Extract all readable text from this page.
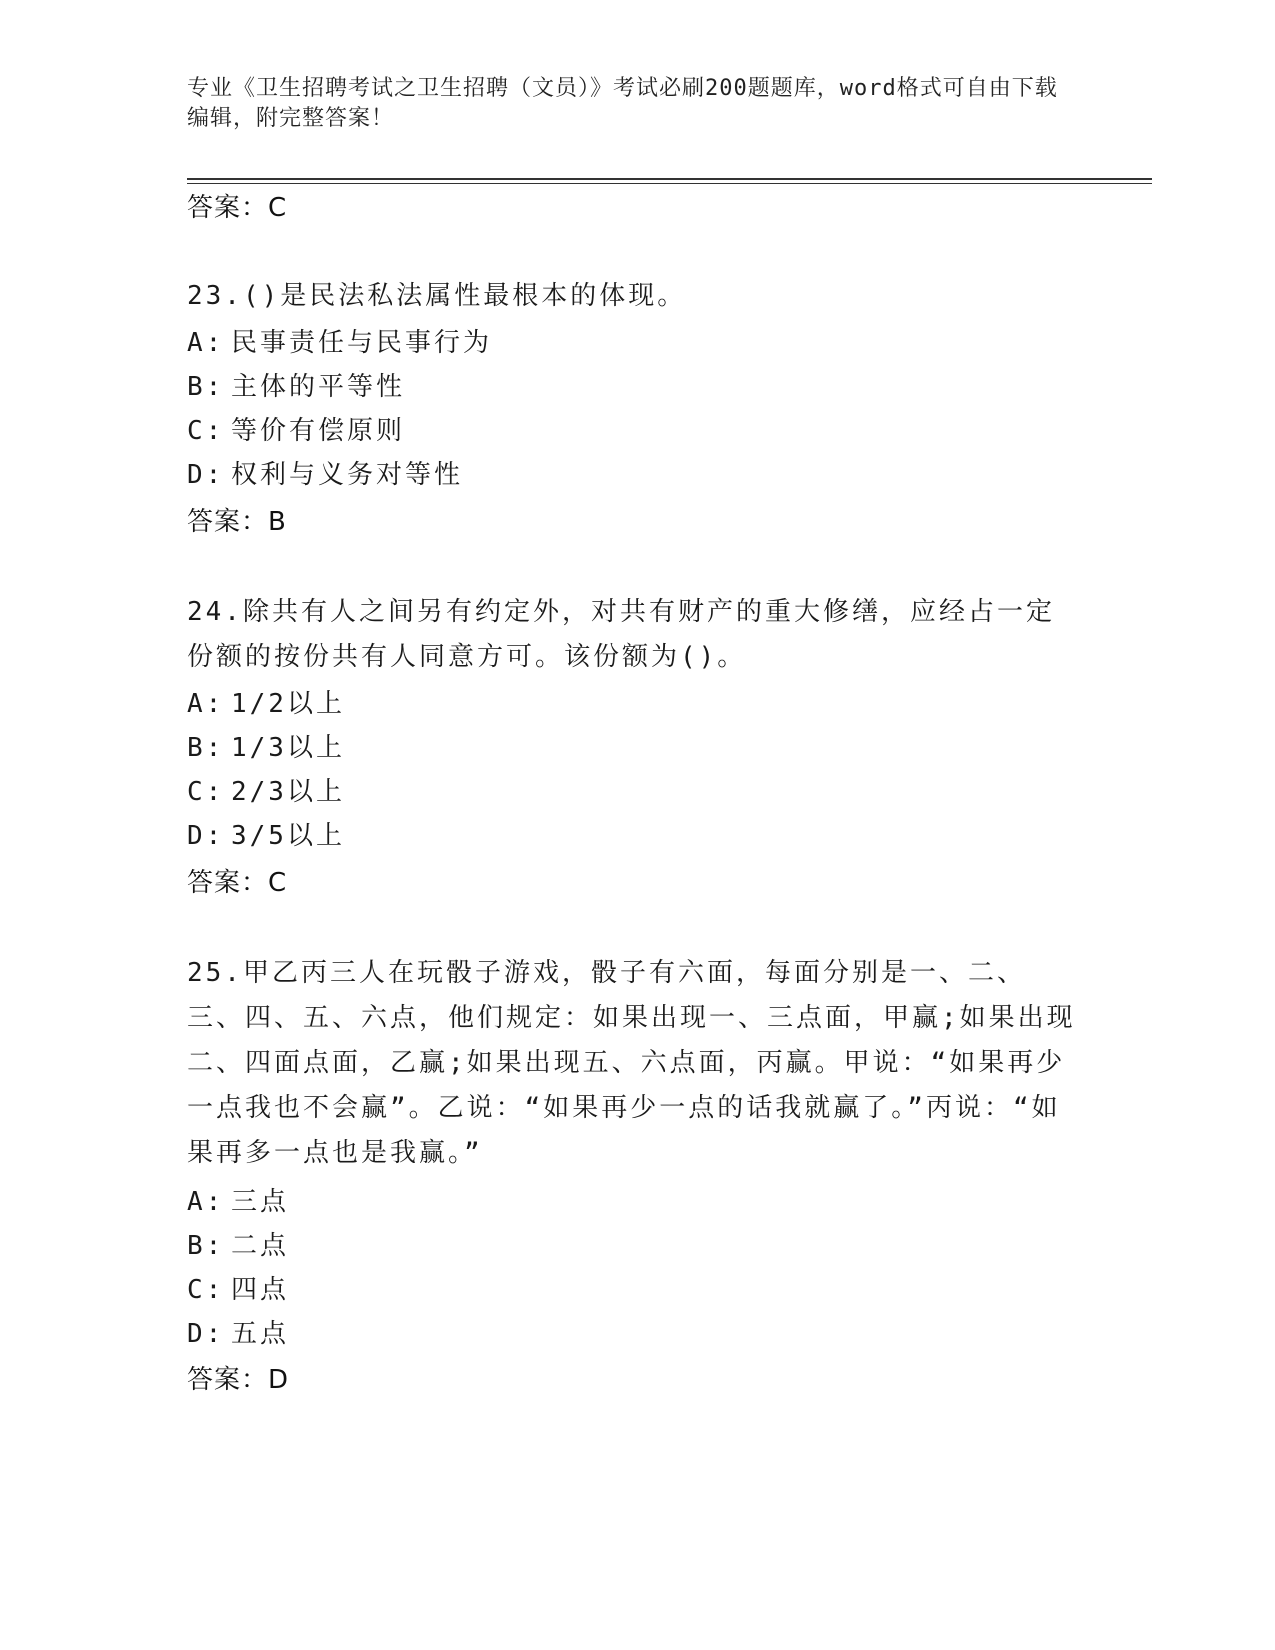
专业《卫生招聘考试之卫生招聘（文员）》考试必刷200题题库，word格式可自由下载编辑，附完整答案！
答案：C
23.()是民法私法属性最根本的体现。
A: 民事责任与民事行为
B: 主体的平等性
C: 等价有偿原则
D: 权利与义务对等性
答案：B
24.除共有人之间另有约定外，对共有财产的重大修缮，应经占一定份额的按份共有人同意方可。该份额为()。
A: 1/2以上
B: 1/3以上
C: 2/3以上
D: 3/5以上
答案：C
25.甲乙丙三人在玩骰子游戏，骰子有六面，每面分别是一、二、三、四、五、六点，他们规定：如果出现一、三点面，甲赢;如果出现二、四面点面，乙赢;如果出现五、六点面，丙赢。甲说：“如果再少一点我也不会赢”。乙说：“如果再少一点的话我就赢了。”丙说：“如果再多一点也是我赢。”
A: 三点
B: 二点
C: 四点
D: 五点
答案：D
